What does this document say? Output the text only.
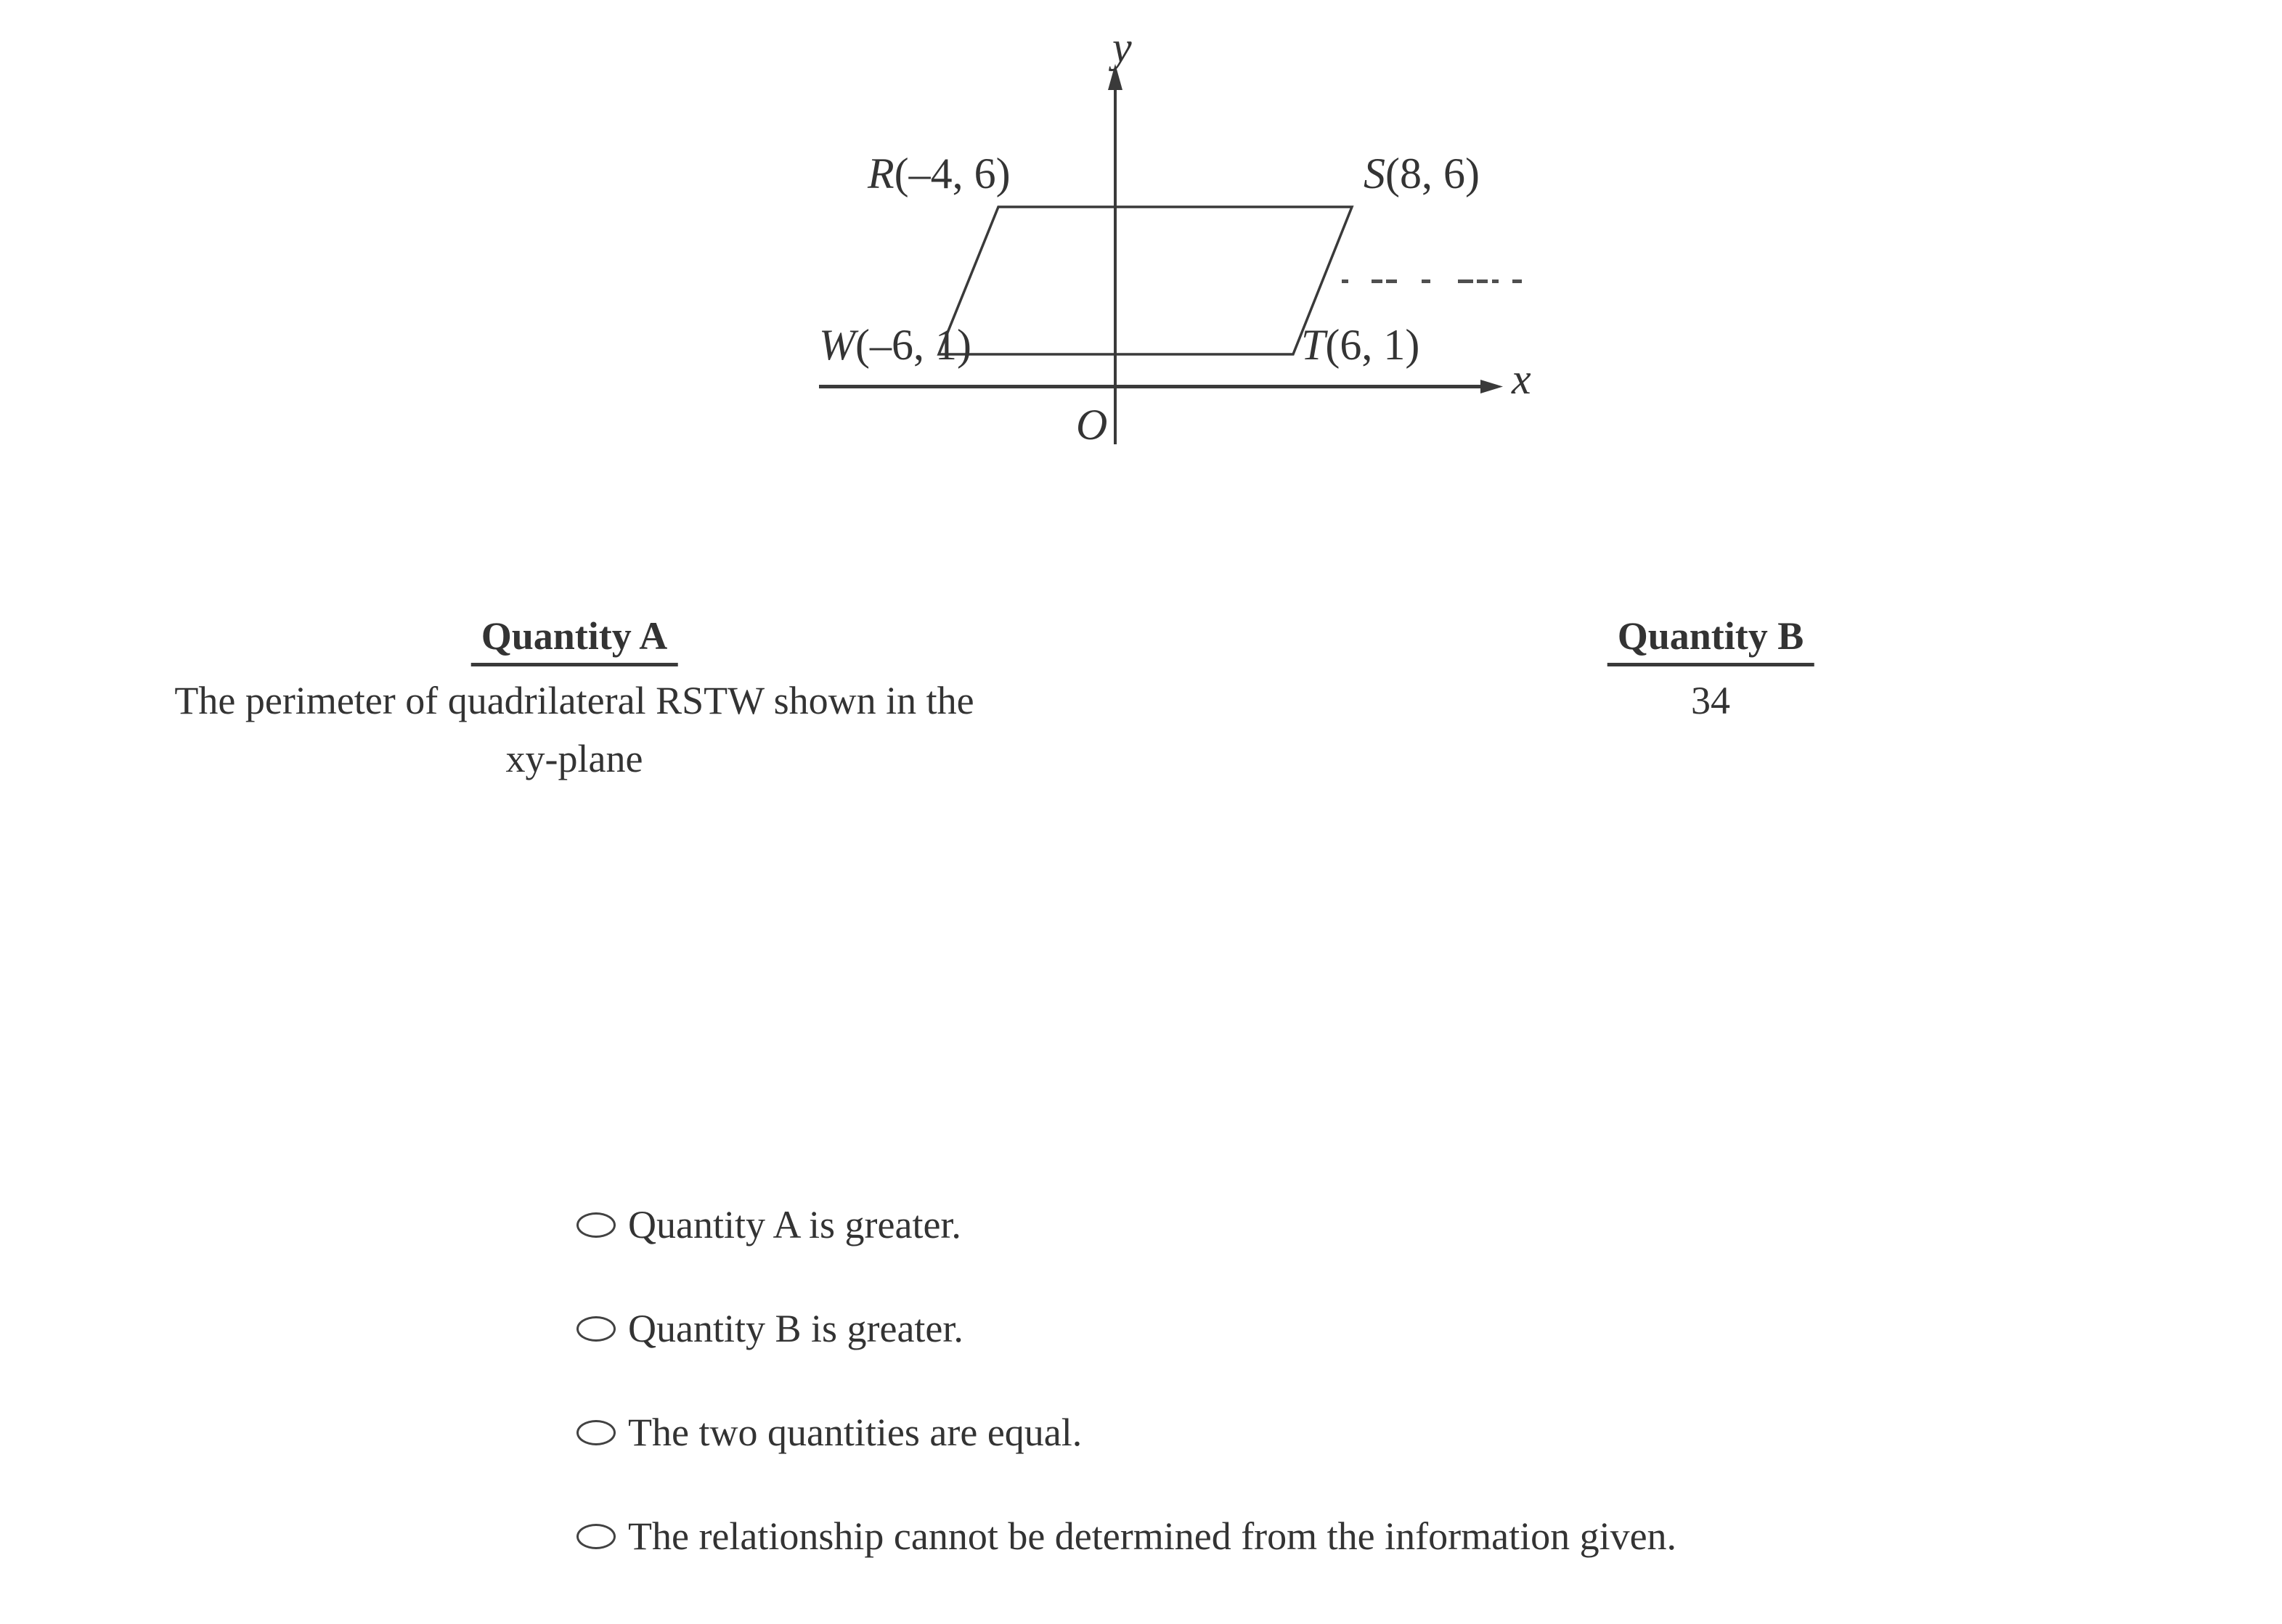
y
x
O
R(–4, 6)	S(8, 6)
W(–6, 1)	T(6, 1)
Quantity A
The perimeter of quadrilateral RSTW shown in the
xy-plane
Quantity B
34
Quantity A is greater.
Quantity B is greater.
The two quantities are equal.
The relationship cannot be determined from the information given.
